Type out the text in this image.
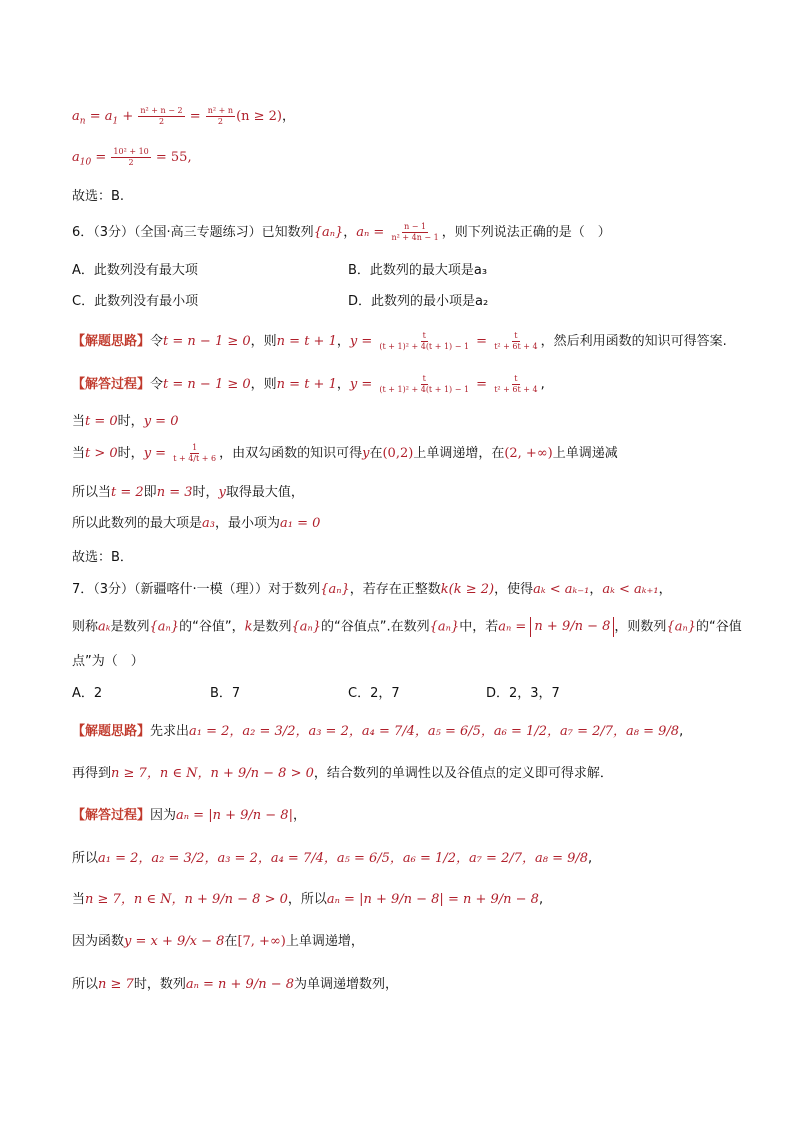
$a_n = a_1 + \frac{\text{n² + n − 2}}{2} = \frac{\text{n² + n}}{2} (n \ge 2)$，
$a_{10} = \frac{\text{10² + 10}}{2} = 55$,
故选：B.
6．（3分）（全国·高三专题练习）已知数列{aₙ}，$a_n = \frac{n - 1}{\text{n² + 4n − 1}}$ ，则下列说法正确的是（　）
A．此数列没有最大项	B．此数列的最大项是a₃
C．此数列没有最小项	D．此数列的最小项是a₂
【解题思路】令t = n − 1 ≥ 0，则n = t + 1，$y = \frac{t}{\text{(t + 1)² + 4(t + 1) − 1}} = \frac{t}{\text{t² + 6t + 4}}$ ，然后利用函数的知识可得答案.
【解答过程】令t = n − 1 ≥ 0，则n = t + 1，$y = \frac{t}{\text{(t + 1)² + 4(t + 1) − 1}} = \frac{t}{\text{t² + 6t + 4}}$ ,
当t = 0时，y = 0
当t > 0时，$y = \frac{1}{t + 4/t + 6}$ ，由双勾函数的知识可得y在(0,2)上单调递增，在(2, +∞)上单调递减
所以当t = 2即n = 3时，y取得最大值，
所以此数列的最大项是a₃，最小项为a₁ = 0
故选：B．
7．（3分）（新疆喀什·一模（理））对于数列{aₙ}，若存在正整数k(k ≥ 2)，使得aₖ < aₖ₋₁，aₖ < aₖ₊₁，
则称aₖ是数列{aₙ}的“谷值”，k是数列{aₙ}的“谷值点”.在数列{aₙ}中，若aₙ = n + 9/n − 8 ，则数列{aₙ}的“谷值
点”为（　）
A．2	B．7	C．2，7	D．2，3，7
【解题思路】先求出a₁ = 2，a₂ = 3/2，a₃ = 2，a₄ = 7/4，a₅ = 6/5，a₆ = 1/2，a₇ = 2/7，a₈ = 9/8,
再得到n ≥ 7，n ∈ N，n + 9/n − 8 > 0，结合数列的单调性以及谷值点的定义即可得求解．
【解答过程】因为aₙ = |n + 9/n − 8|，
所以a₁ = 2，a₂ = 3/2，a₃ = 2，a₄ = 7/4，a₅ = 6/5，a₆ = 1/2，a₇ = 2/7，a₈ = 9/8,
当n ≥ 7，n ∈ N，n + 9/n − 8 > 0，所以aₙ = |n + 9/n − 8| = n + 9/n − 8,
因为函数y = x + 9/x − 8在[7, +∞)上单调递增，
所以n ≥ 7时，数列aₙ = n + 9/n − 8为单调递增数列，
